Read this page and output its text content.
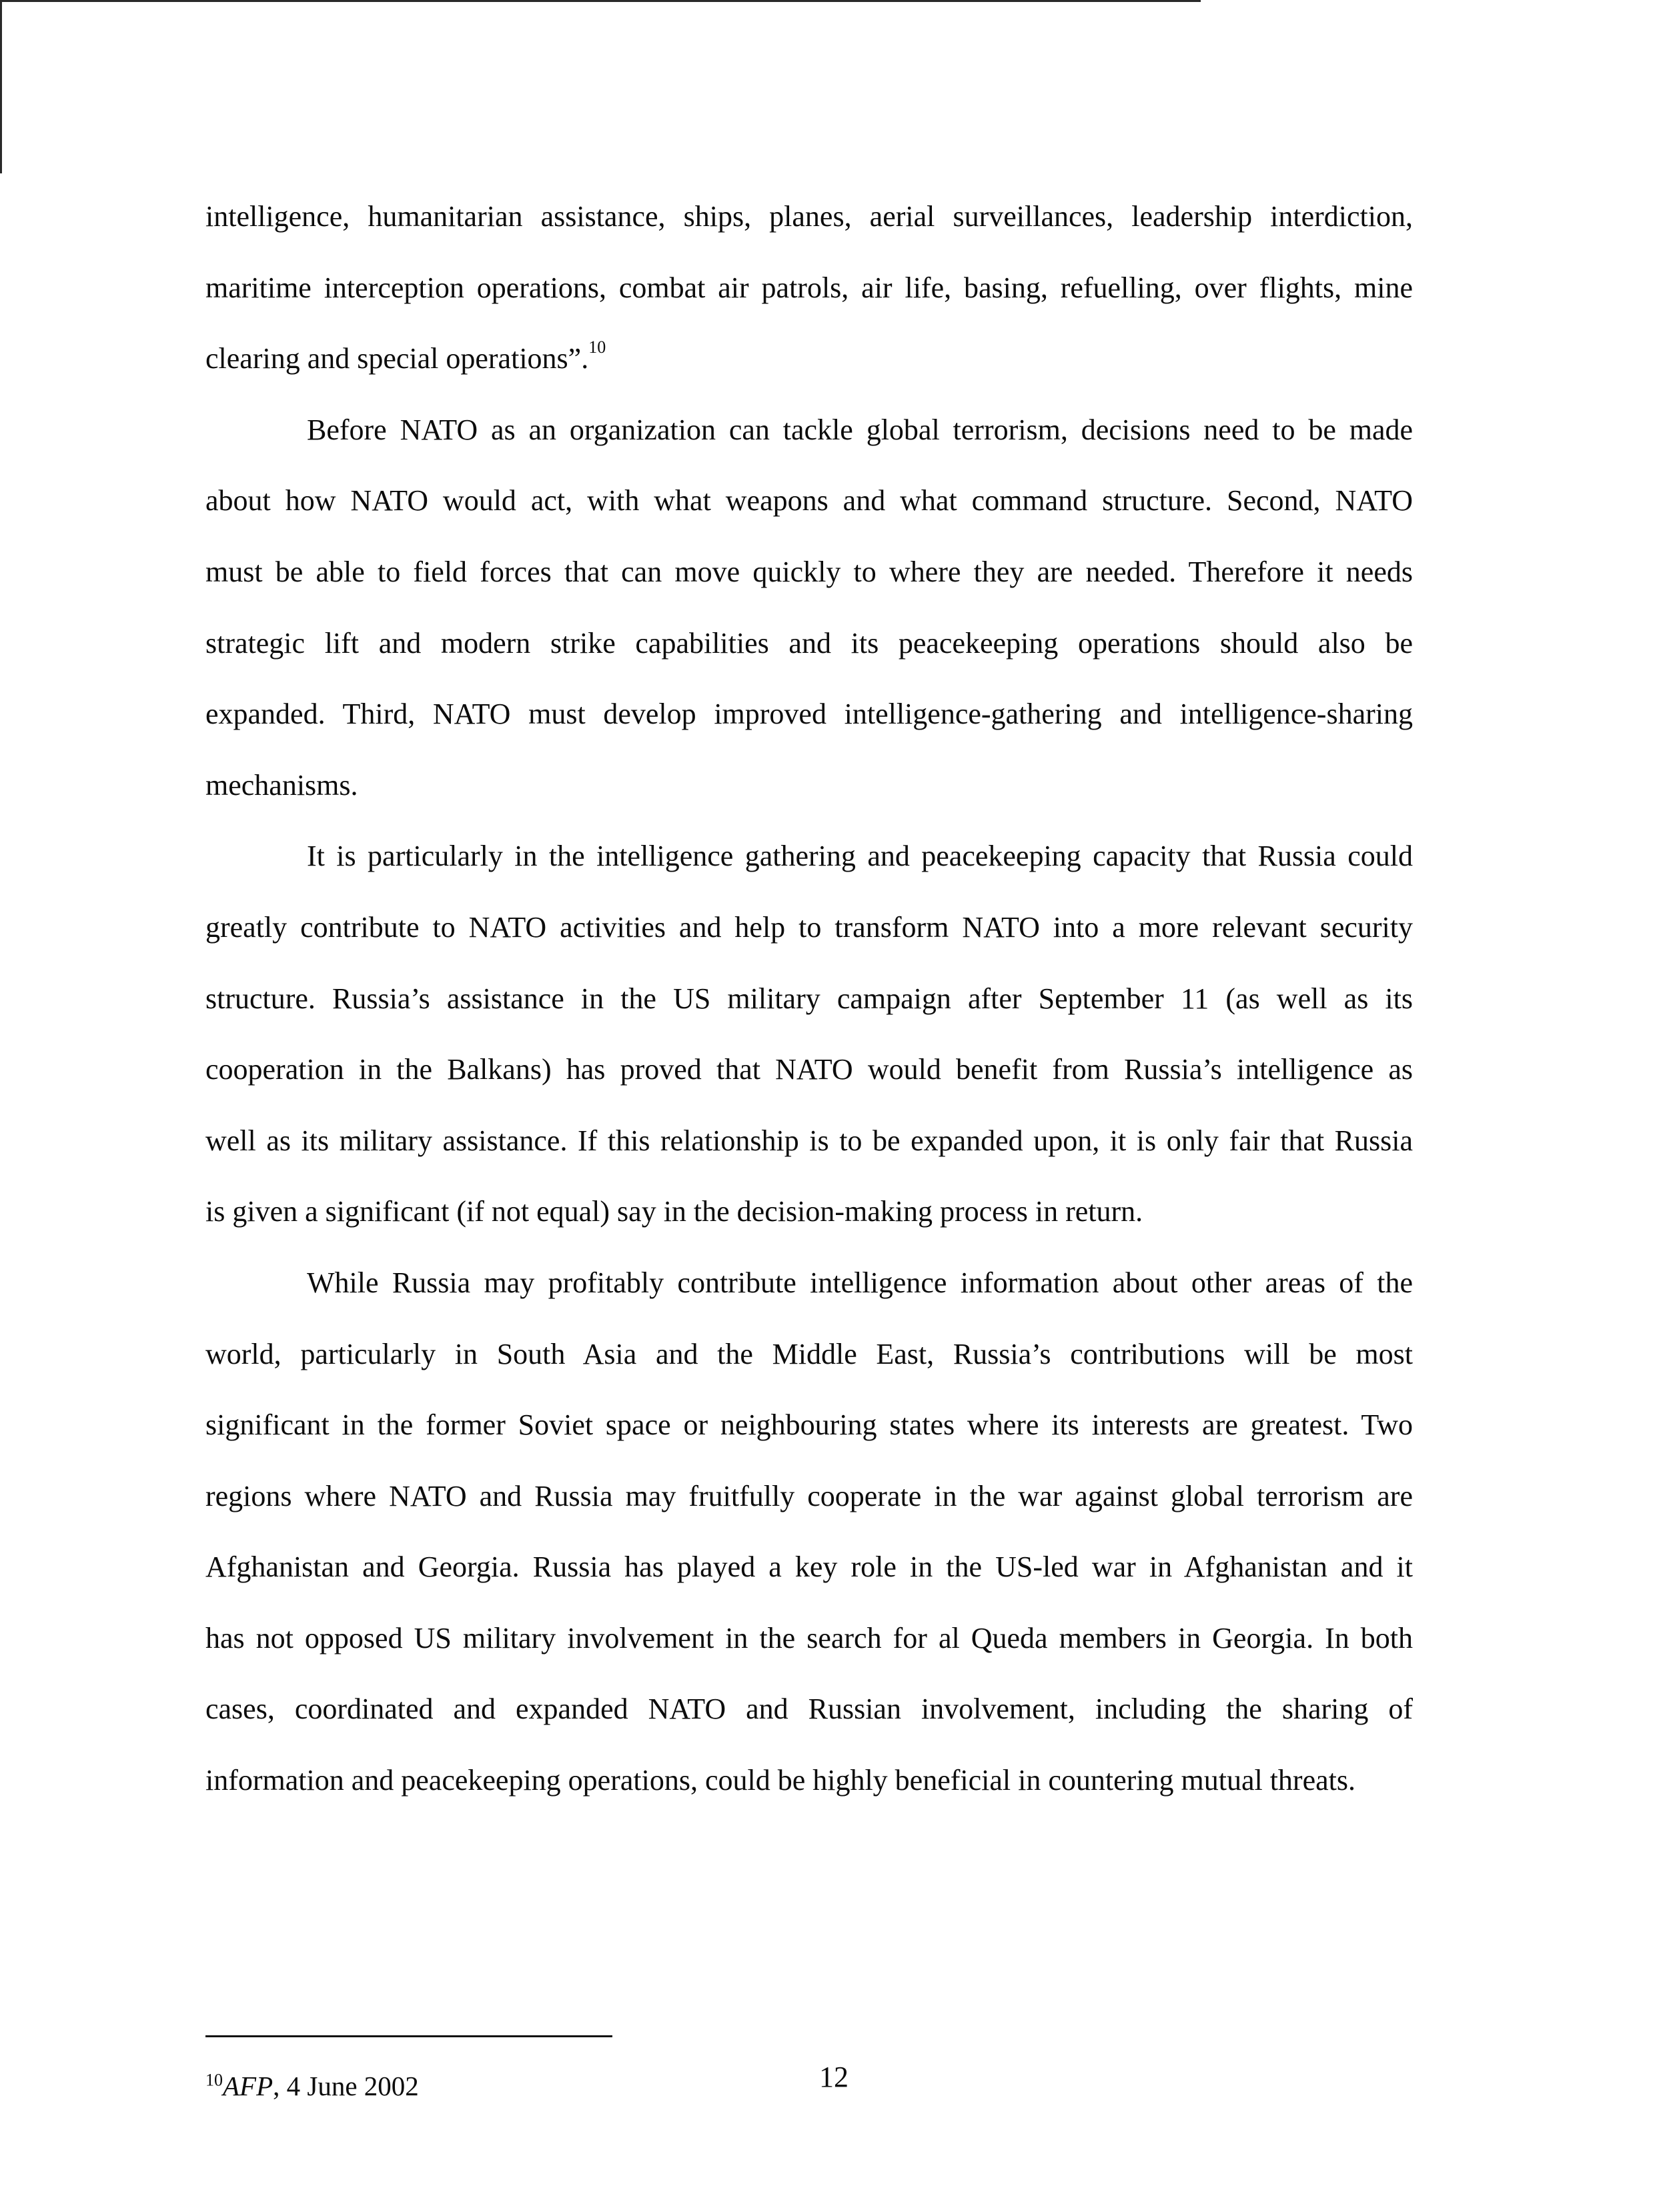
intelligence, humanitarian assistance, ships, planes, aerial surveillances, leadership interdiction,
maritime interception operations, combat air patrols, air life, basing, refuelling, over flights, mine
clearing and special operations”.$^{10}$
Before NATO as an organization can tackle global terrorism, decisions need to be made
about how NATO would act, with what weapons and what command structure. Second, NATO
must be able to field forces that can move quickly to where they are needed. Therefore it needs
strategic lift and modern strike capabilities and its peacekeeping operations should also be
expanded. Third, NATO must develop improved intelligence-gathering and intelligence-sharing
mechanisms.
It is particularly in the intelligence gathering and peacekeeping capacity that Russia could
greatly contribute to NATO activities and help to transform NATO into a more relevant security
structure. Russia’s assistance in the US military campaign after September 11 (as well as its
cooperation in the Balkans) has proved that NATO would benefit from Russia’s intelligence as
well as its military assistance. If this relationship is to be expanded upon, it is only fair that Russia
is given a significant (if not equal) say in the decision-making process in return.
While Russia may profitably contribute intelligence information about other areas of the
world, particularly in South Asia and the Middle East, Russia’s contributions will be most
significant in the former Soviet space or neighbouring states where its interests are greatest. Two
regions where NATO and Russia may fruitfully cooperate in the war against global terrorism are
Afghanistan and Georgia. Russia has played a key role in the US-led war in Afghanistan and it
has not opposed US military involvement in the search for al Queda members in Georgia. In both
cases, coordinated and expanded NATO and Russian involvement, including the sharing of
information and peacekeeping operations, could be highly beneficial in countering mutual threats.
$^{10}$AFP, 4 June 2002	12
